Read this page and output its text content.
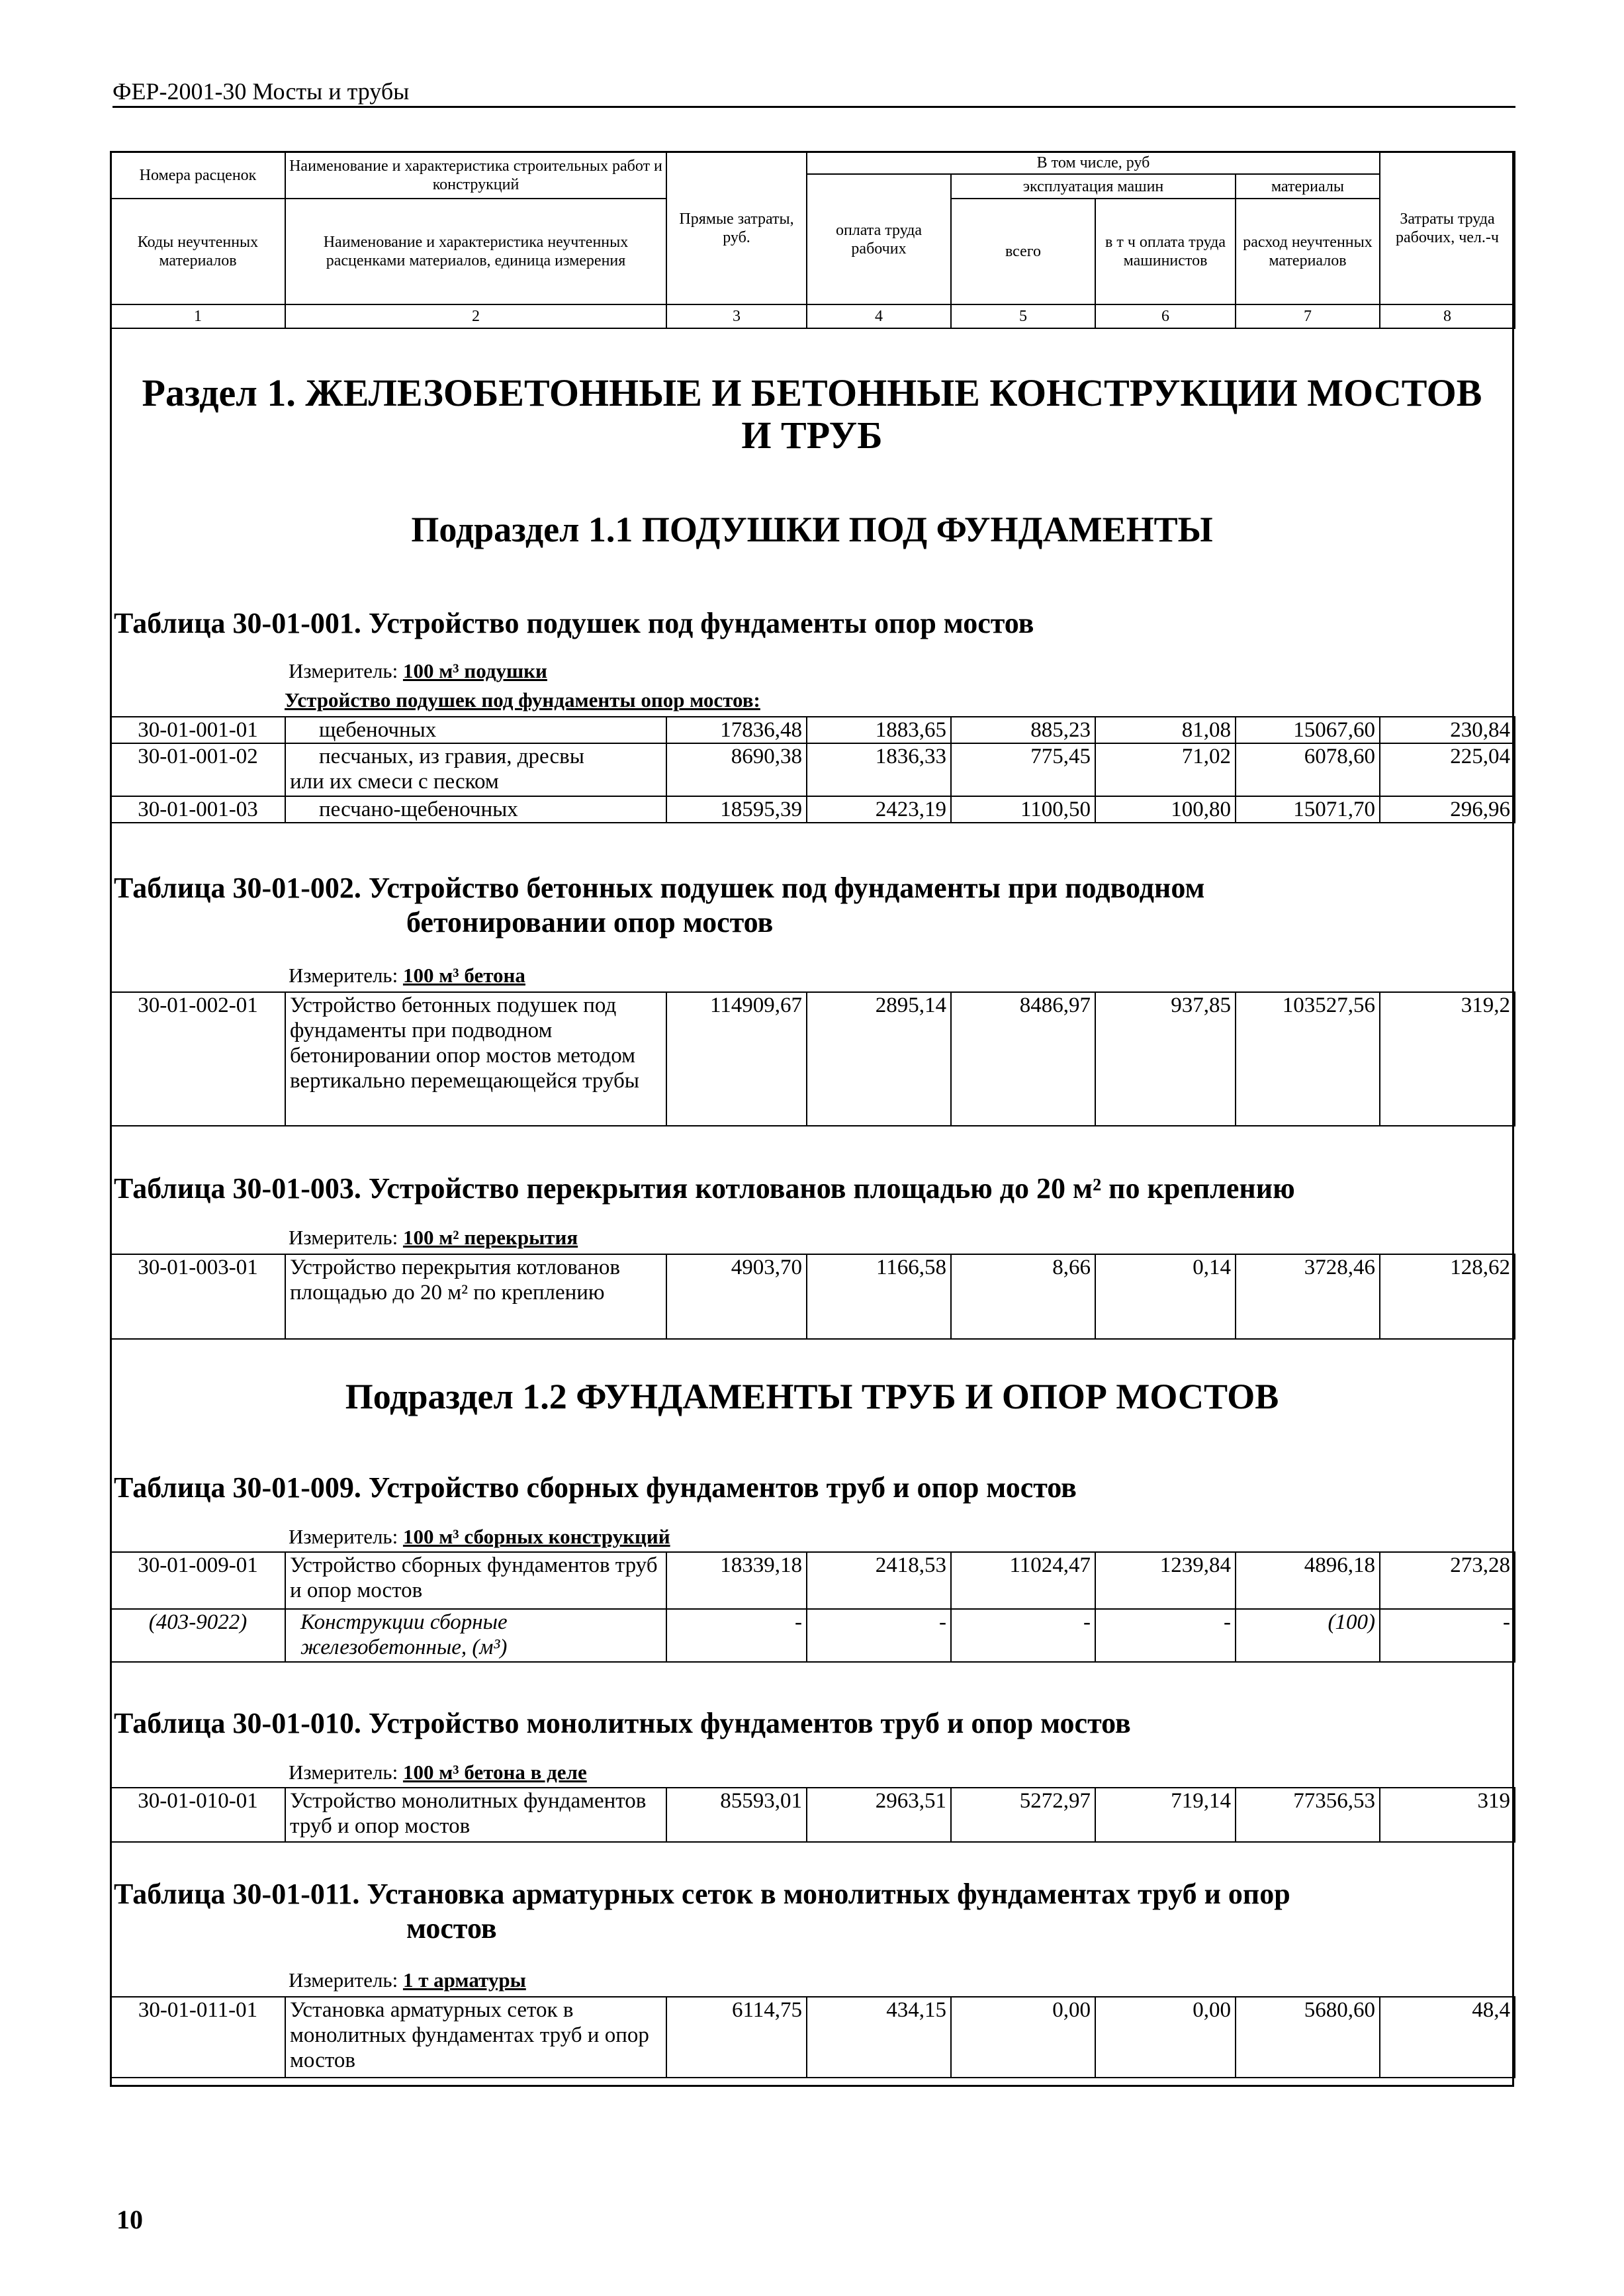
ФЕР-2001-30 Мосты и трубы
Номера расценок	Наименование и характеристика строительных работ и конструкций	Прямые затраты, руб.	В том числе, руб				Затраты труда рабочих, чел.-ч
			оплата труда рабочих	эксплуатация машин		материалы	
Коды неучтенных материалов	Наименование и характеристика неучтенных расценками материалов, единица измерения			всего	в т ч оплата труда машинистов	расход неучтенных материалов	
1	2	3	4	5	6	7	8
Раздел 1. ЖЕЛЕЗОБЕТОННЫЕ И БЕТОННЫЕ КОНСТРУКЦИИ МОСТОВ
И ТРУБ
Подраздел 1.1 ПОДУШКИ ПОД ФУНДАМЕНТЫ
Таблица 30-01-001. Устройство подушек под фундаменты опор мостов
Измеритель: 100 м³ подушки
Устройство подушек под фундаменты опор мостов:
30-01-001-01	щебеночных	17836,48	1883,65	885,23	81,08	15067,60	230,84
30-01-001-02	песчаных, из гравия, дресвы
или их смеси с песком	8690,38	1836,33	775,45	71,02	6078,60	225,04
30-01-001-03	песчано-щебеночных	18595,39	2423,19	1100,50	100,80	15071,70	296,96
Таблица 30-01-002. Устройство бетонных подушек под фундаменты при подводном
бетонировании опор мостов
Измеритель: 100 м³ бетона
30-01-002-01	Устройство бетонных подушек под фундаменты при подводном бетонировании опор мостов методом вертикально перемещающейся трубы	114909,67	2895,14	8486,97	937,85	103527,56	319,2
Таблица 30-01-003. Устройство перекрытия котлованов площадью до 20 м² по креплению
Измеритель: 100 м² перекрытия
30-01-003-01	Устройство перекрытия котлованов площадью до 20 м² по креплению	4903,70	1166,58	8,66	0,14	3728,46	128,62
Подраздел 1.2 ФУНДАМЕНТЫ ТРУБ И ОПОР МОСТОВ
Таблица 30-01-009. Устройство сборных фундаментов труб и опор мостов
Измеритель: 100 м³ сборных конструкций
30-01-009-01	Устройство сборных фундаментов труб и опор мостов	18339,18	2418,53	11024,47	1239,84	4896,18	273,28
(403-9022)	Конструкции сборные железобетонные, (м³)	-	-	-	-	(100)	-
Таблица 30-01-010. Устройство монолитных фундаментов труб и опор мостов
Измеритель: 100 м³ бетона в деле
30-01-010-01	Устройство монолитных фундаментов труб и опор мостов	85593,01	2963,51	5272,97	719,14	77356,53	319
Таблица 30-01-011. Установка арматурных сеток в монолитных фундаментах труб и опор
мостов
Измеритель: 1 т арматуры
30-01-011-01	Установка арматурных сеток в монолитных фундаментах труб и опор мостов	6114,75	434,15	0,00	0,00	5680,60	48,4
10
